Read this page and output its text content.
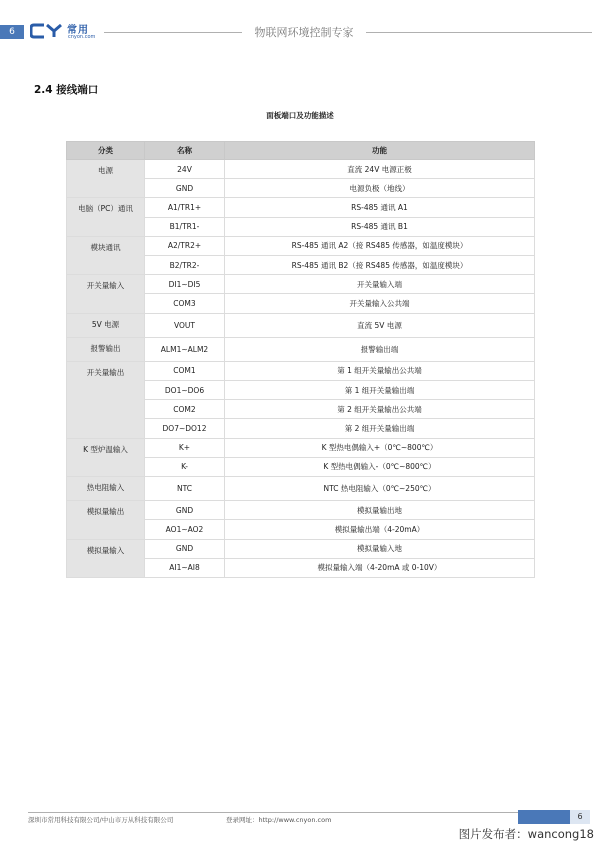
6	常用
cnyon.com	物联网环境控制专家
2.4 接线端口
面板端口及功能描述
分类	名称	功能
电源	24V	直流 24V 电源正极
	GND	电源负极（地线）
电脑（PC）通讯	A1/TR1+	RS-485 通讯 A1
	B1/TR1-	RS-485 通讯 B1
模块通讯	A2/TR2+	RS-485 通讯 A2（接 RS485 传感器，如温度模块）
	B2/TR2-	RS-485 通讯 B2（接 RS485 传感器，如温度模块）
开关量输入	DI1~DI5	开关量输入端
	COM3	开关量输入公共端
5V 电源	VOUT	直流 5V 电源
报警输出	ALM1~ALM2	报警输出端
开关量输出	COM1	第 1 组开关量输出公共端
	DO1~DO6	第 1 组开关量输出端
	COM2	第 2 组开关量输出公共端
	DO7~DO12	第 2 组开关量输出端
K 型炉温输入	K+	K 型热电偶输入+（0℃~800℃）
	K-	K 型热电偶输入-（0℃~800℃）
热电阻输入	NTC	NTC 热电阻输入（0℃~250℃）
模拟量输出	GND	模拟量输出地
	AO1~AO2	模拟量输出端（4-20mA）
模拟量输入	GND	模拟量输入地
	AI1~AI8	模拟量输入端（4-20mA 或 0-10V）
深圳市常用科技有限公司/中山市万从科技有限公司	登录网址：http://www.cnyon.com	6
图片发布者：wancong18
